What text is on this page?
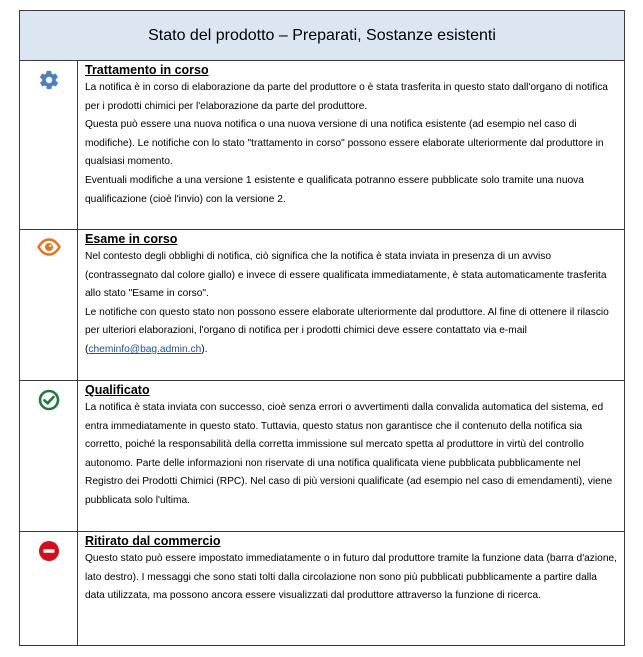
Stato del prodotto – Preparati, Sostanze esistenti
Trattamento in corso

La notifica è in corso di elaborazione da parte del produttore o è stata trasferita in questo stato dall'organo di notifica per i prodotti chimici per l'elaborazione da parte del produttore.

Questa può essere una nuova notifica o una nuova versione di una notifica esistente (ad esempio nel caso di modifiche). Le notifiche con lo stato "trattamento in corso" possono essere elaborate ulteriormente dal produttore in qualsiasi momento.

Eventuali modifiche a una versione 1 esistente e qualificata potranno essere pubblicate solo tramite una nuova qualificazione (cioè l'invio) con la versione 2.

Esame in corso

Nel contesto degli obblighi di notifica, ciò significa che la notifica è stata inviata in presenza di un avviso (contrassegnato dal colore giallo) e invece di essere qualificata immediatamente, è stata automaticamente trasferita allo stato "Esame in corso".

Le notifiche con questo stato non possono essere elaborate ulteriormente dal produttore. Al fine di ottenere il rilascio per ulteriori elaborazioni, l'organo di notifica per i prodotti chimici deve essere contattato via e-mail

(cheminfo@bag.admin.ch).

Qualificato

La notifica è stata inviata con successo, cioè senza errori o avvertimenti dalla convalida automatica del sistema, ed entra immediatamente in questo stato. Tuttavia, questo status non garantisce che il contenuto della notifica sia corretto, poiché la responsabilità della corretta immissione sul mercato spetta al produttore in virtù del controllo autonomo. Parte delle informazioni non riservate di una notifica qualificata viene pubblicata pubblicamente nel Registro dei Prodotti Chimici (RPC). Nel caso di più versioni qualificate (ad esempio nel caso di emendamenti), viene pubblicata solo l'ultima.

Ritirato dal commercio

Questo stato può essere impostato immediatamente o in futuro dal produttore tramite la funzione data (barra d'azione, lato destro). I messaggi che sono stati tolti dalla circolazione non sono più pubblicati pubblicamente a partire dalla data utilizzata, ma possono ancora essere visualizzati dal produttore attraverso la funzione di ricerca.
